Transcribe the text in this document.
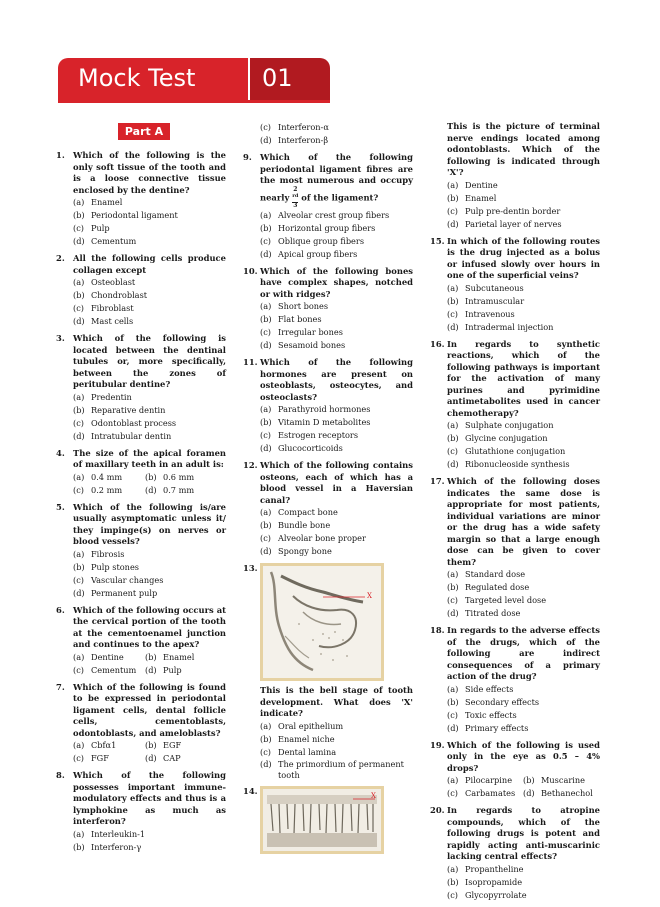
Mock Test	01
Part A
1. Which of the following is the only soft tissue of the tooth and is a loose connective tissue enclosed by the dentine?
(a) Enamel
(b) Periodontal ligament
(c) Pulp
(d) Cementum
2. All the following cells produce collagen except
(a) Osteoblast
(b) Chondroblast
(c) Fibroblast
(d) Mast cells
3. Which of the following is located between the dentinal tubules or, more specifically, between the zones of peritubular dentine?
(a) Predentin
(b) Reparative dentin
(c) Odontoblast process
(d) Intratubular dentin
4. The size of the apical foramen of maxillary teeth in an adult is:
(a) 0.4 mm	(b) 0.6 mm
(c) 0.2 mm	(d) 0.7 mm
5. Which of the following is/are usually asymptomatic unless it/ they impinge(s) on nerves or blood vessels?
(a) Fibrosis
(b) Pulp stones
(c) Vascular changes
(d) Permanent pulp
6. Which of the following occurs at the cervical portion of the tooth at the cementoenamel junction and continues to the apex?
(a) Dentine	(b) Enamel
(c) Cementum (d) Pulp
7. Which of the following is found to be expressed in periodontal ligament cells, dental follicle cells, cementoblasts, odontoblasts, and ameloblasts?
(a) Cbfα1	(b) EGF
(c) FGF	(d) CAP
8. Which of the following possesses important immune-modulatory effects and thus is a lymphokine as much as interferon?
(a) Interleukin-1
(b) Interferon-γ
(c) Interferon-α
(d) Interferon-β
9. Which of the following periodontal ligament fibres are the most numerous and occupy nearly 2
$^{rd}$
3 of the ligament?
(a) Alveolar crest group fibers
(b) Horizontal group fibers
(c) Oblique group fibers
(d) Apical group fibers
10. Which of the following bones have complex shapes, notched or with ridges?
(a) Short bones
(b) Flat bones
(c) Irregular bones
(d) Sesamoid bones
11. Which of the following hormones are present on osteoblasts, osteocytes, and osteoclasts?
(a) Parathyroid hormones
(b) Vitamin D metabolites
(c) Estrogen receptors
(d) Glucocorticoids
12. Which of the following contains osteons, each of which has a blood vessel in a Haversian canal?
(a) Compact bone
(b) Bundle bone
(c) Alveolar bone proper
(d) Spongy bone
13.
X
This is the bell stage of tooth development. What does 'X' indicate?
(a) Oral epithelium
(b) Enamel niche
(c) Dental lamina
(d) The primordium of permanent tooth
14.	X
This is the picture of terminal nerve endings located among odontoblasts. Which of the following is indicated through 'X'?
(a) Dentine
(b) Enamel
(c) Pulp pre-dentin border
(d) Parietal layer of nerves
15. In which of the following routes is the drug injected as a bolus or infused slowly over hours in one of the superficial veins?
(a) Subcutaneous
(b) Intramuscular
(c) Intravenous
(d) Intradermal injection
16. In regards to synthetic reactions, which of the following pathways is important for the activation of many purines and pyrimidine antimetabolites used in cancer chemotherapy?
(a) Sulphate conjugation
(b) Glycine conjugation
(c) Glutathione conjugation
(d) Ribonucleoside synthesis
17. Which of the following doses indicates the same dose is appropriate for most patients, individual variations are minor or the drug has a wide safety margin so that a large enough dose can be given to cover them?
(a) Standard dose
(b) Regulated dose
(c) Targeted level dose
(d) Titrated dose
18. In regards to the adverse effects of the drugs, which of the following are indirect consequences of a primary action of the drug?
(a) Side effects
(b) Secondary effects
(c) Toxic effects
(d) Primary effects
19. Which of the following is used only in the eye as 0.5 – 4% drops?
(a) Pilocarpine (b) Muscarine
(c) Carbamates (d) Bethanechol
20. In regards to atropine compounds, which of the following drugs is potent and rapidly acting anti-muscarinic lacking central effects?
(a) Propantheline
(b) Isopropamide
(c) Glycopyrrolate
